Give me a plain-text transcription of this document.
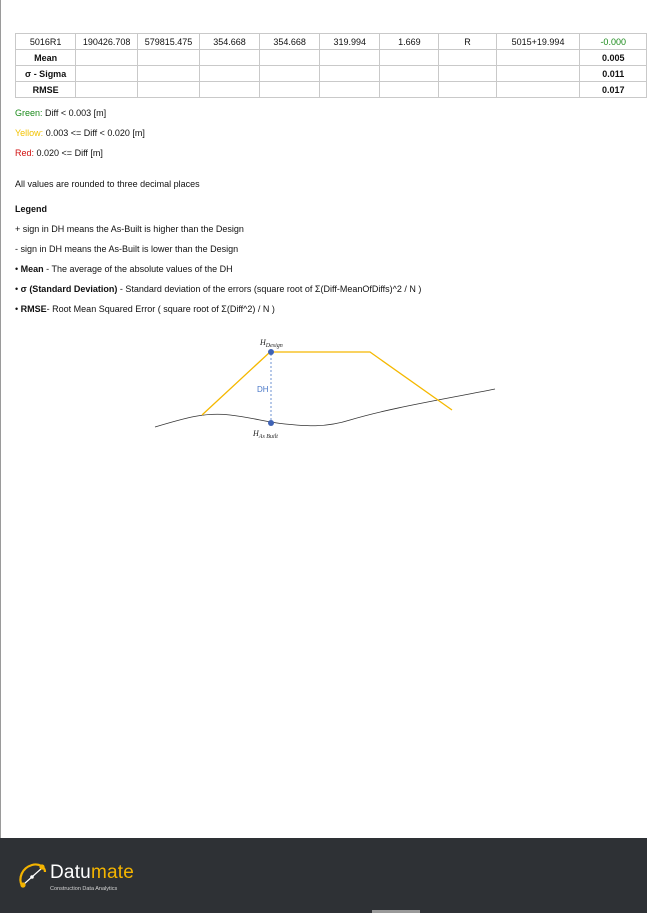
5016R1	190426.708	579815.475	354.668	354.668	319.994	1.669	R	5015+19.994	-0.000
Mean									0.005
σ - Sigma									0.011
RMSE									0.017
Green: Diff < 0.003 [m]
Yellow: 0.003 <= Diff < 0.020 [m]
Red: 0.020 <= Diff [m]
All values are rounded to three decimal places
Legend
+ sign in DH means the As-Built is higher than the Design
- sign in DH means the As-Built is lower than the Design
• Mean - The average of the absolute values of the DH
• σ (Standard Deviation) - Standard deviation of the errors (square root of Σ(Diff-MeanOfDiffs)^2 / N )
• RMSE- Root Mean Squared Error ( square root of Σ(Diff^2) / N )
$H_{Design}$
DH
$H_{As Built}$
Datumate
Construction Data Analytics
